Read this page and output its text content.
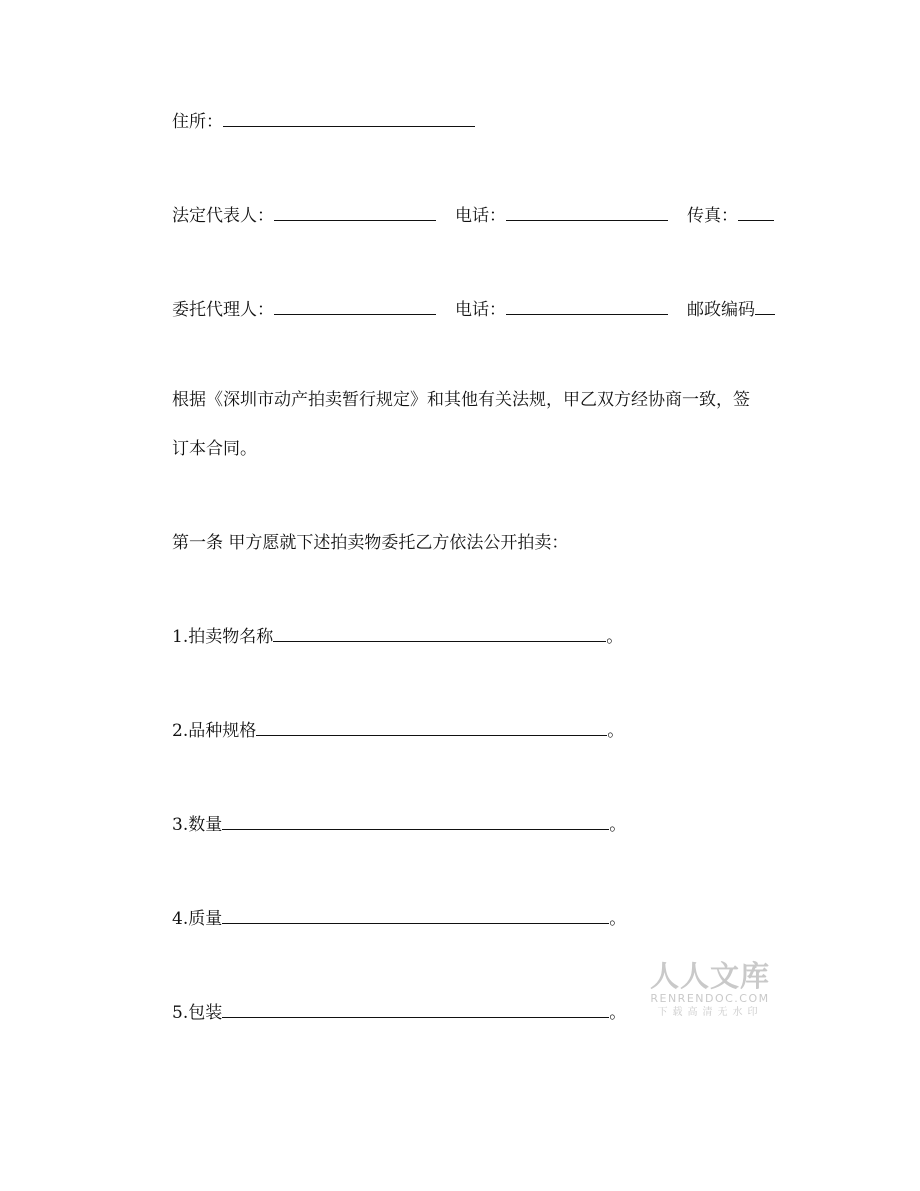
住所：
法定代表人：	电话：	传真：
委托代理人：	电话：	邮政编码
根据《深圳市动产拍卖暂行规定》和其他有关法规，甲乙双方经协商一致，签
订本合同。
第一条 甲方愿就下述拍卖物委托乙方依法公开拍卖：
1.拍卖物名称	。
2.品种规格	。
3.数量	。
4.质量	。
5.包装	。
人人文库
RENRENDOC.COM
下载高清无水印
